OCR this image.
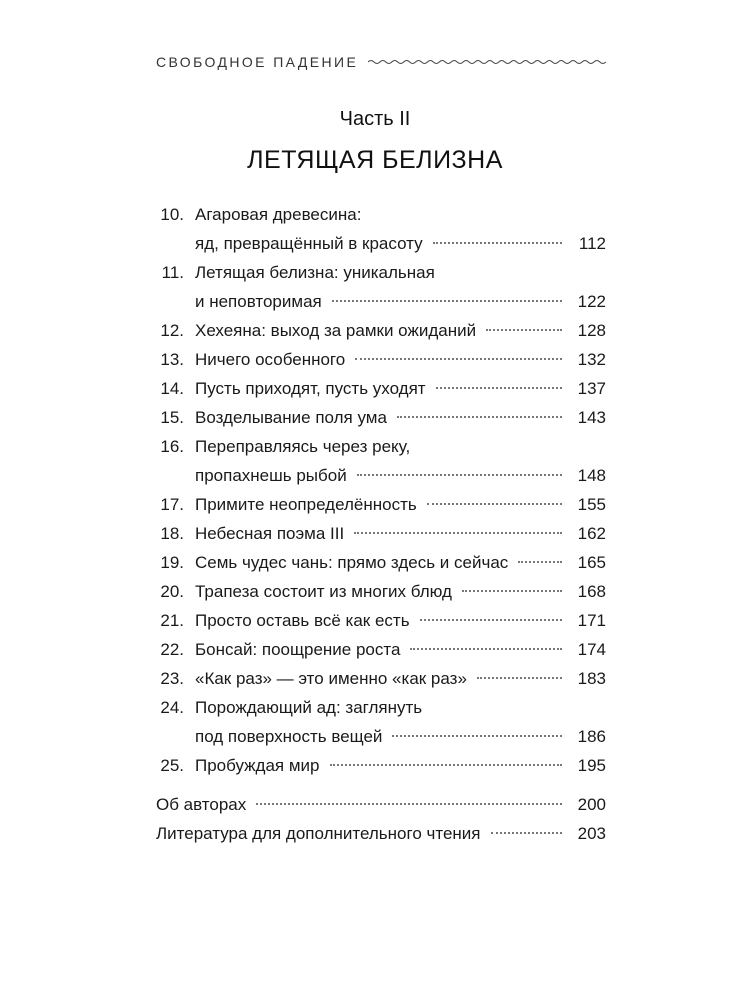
СВОБОДНОЕ ПАДЕНИЕ
Часть II
ЛЕТЯЩАЯ БЕЛИЗНА
10. Агаровая древесина:
яд, превращённый в красоту	112
11. Летящая белизна: уникальная
и неповторимая	122
12. Хехеяна: выход за рамки ожиданий	128
13. Ничего особенного	132
14. Пусть приходят, пусть уходят	137
15. Возделывание поля ума	143
16. Переправляясь через реку,
пропахнешь рыбой	148
17. Примите неопределённость	155
18. Небесная поэма III	162
19. Семь чудес чань: прямо здесь и сейчас	165
20. Трапеза состоит из многих блюд	168
21. Просто оставь всё как есть	171
22. Бонсай: поощрение роста	174
23. «Как раз» — это именно «как раз»	183
24. Порождающий ад: заглянуть
под поверхность вещей	186
25. Пробуждая мир	195
Об авторах	200
Литература для дополнительного чтения	203
